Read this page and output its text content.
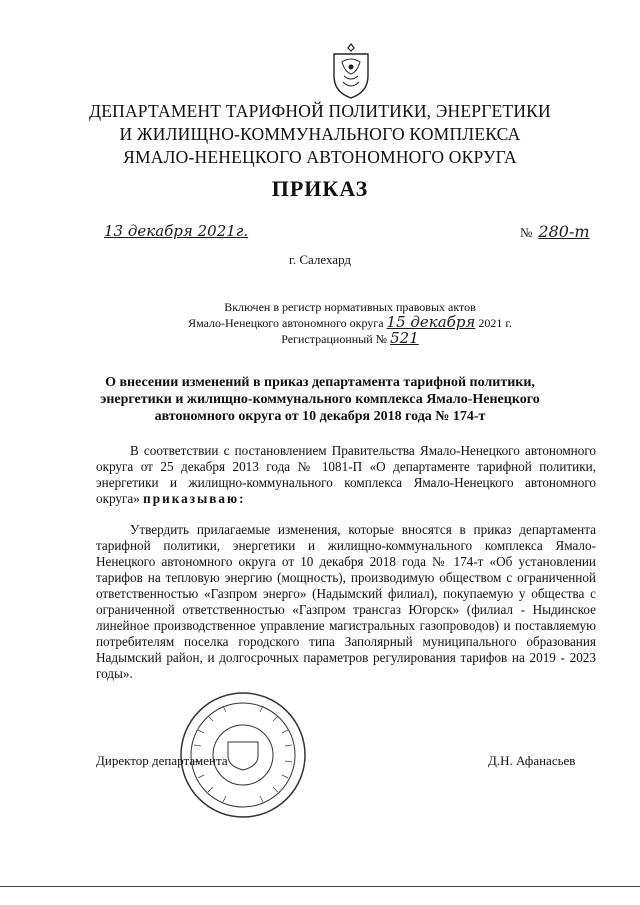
ДЕПАРТАМЕНТ ТАРИФНОЙ ПОЛИТИКИ, ЭНЕРГЕТИКИ
И ЖИЛИЩНО-КОММУНАЛЬНОГО КОМПЛЕКСА
ЯМАЛО-НЕНЕЦКОГО АВТОНОМНОГО ОКРУГА
ПРИКАЗ
13 декабря 2021г.	№ 280-т
г. Салехард
Включен в регистр нормативных правовых актов
Ямало-Ненецкого автономного округа 15 декабря 2021 г.
Регистрационный № 521
О внесении изменений в приказ департамента тарифной политики,
энергетики и жилищно-коммунального комплекса Ямало-Ненецкого
автономного округа от 10 декабря 2018 года № 174-т
В соответствии с постановлением Правительства Ямало-Ненецкого автономного округа от 25 декабря 2013 года № 1081-П «О департаменте тарифной политики, энергетики и жилищно-коммунального комплекса Ямало-Ненецкого автономного округа» приказываю:
Утвердить прилагаемые изменения, которые вносятся в приказ департамента тарифной политики, энергетики и жилищно-коммунального комплекса Ямало-Ненецкого автономного округа от 10 декабря 2018 года № 174-т «Об установлении тарифов на тепловую энергию (мощность), производимую обществом с ограниченной ответственностью «Газпром энерго» (Надымский филиал), покупаемую у общества с ограниченной ответственностью «Газпром трансгаз Югорск» (филиал - Ныдинское линейное производственное управление магистральных газопроводов) и поставляемую потребителям поселка городского типа Заполярный муниципального образования Надымский район, и долгосрочных параметров регулирования тарифов на 2019 - 2023 годы».
Директор департамента	Д.Н. Афанасьев
